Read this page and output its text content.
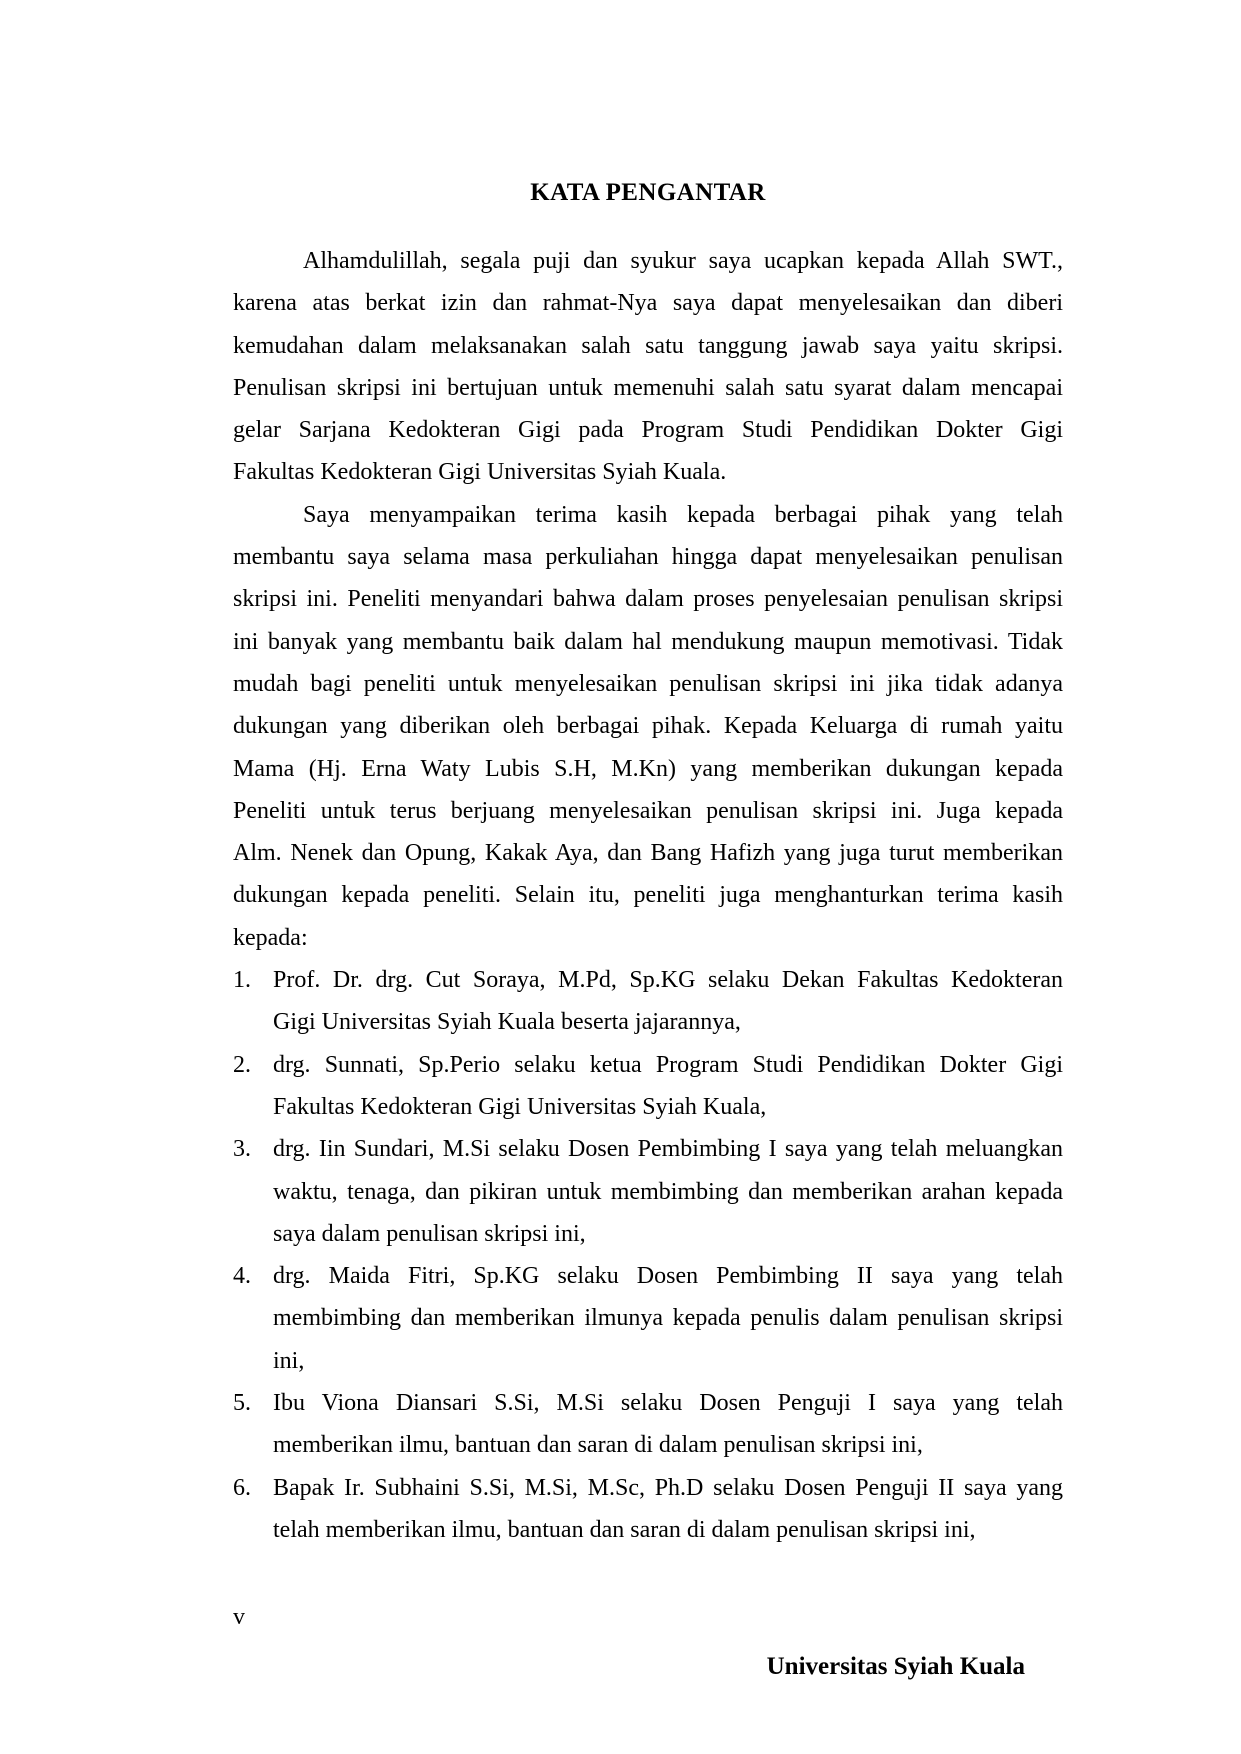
KATA PENGANTAR
Alhamdulillah, segala puji dan syukur saya ucapkan kepada Allah SWT.,
karena atas berkat izin dan rahmat-Nya saya dapat menyelesaikan dan diberi
kemudahan dalam melaksanakan salah satu tanggung jawab saya yaitu skripsi.
Penulisan skripsi ini bertujuan untuk memenuhi salah satu syarat dalam mencapai
gelar Sarjana Kedokteran Gigi pada Program Studi Pendidikan Dokter Gigi
Fakultas Kedokteran Gigi Universitas Syiah Kuala.
Saya menyampaikan terima kasih kepada berbagai pihak yang telah
membantu saya selama masa perkuliahan hingga dapat menyelesaikan penulisan
skripsi ini. Peneliti menyandari bahwa dalam proses penyelesaian penulisan skripsi
ini banyak yang membantu baik dalam hal mendukung maupun memotivasi. Tidak
mudah bagi peneliti untuk menyelesaikan penulisan skripsi ini jika tidak adanya
dukungan yang diberikan oleh berbagai pihak. Kepada Keluarga di rumah yaitu
Mama (Hj. Erna Waty Lubis S.H, M.Kn) yang memberikan dukungan kepada
Peneliti untuk terus berjuang menyelesaikan penulisan skripsi ini. Juga kepada
Alm. Nenek dan Opung, Kakak Aya, dan Bang Hafizh yang juga turut memberikan
dukungan kepada peneliti. Selain itu, peneliti juga menghanturkan terima kasih
kepada:
1. Prof. Dr. drg. Cut Soraya, M.Pd, Sp.KG selaku Dekan Fakultas Kedokteran
Gigi Universitas Syiah Kuala beserta jajarannya,
2. drg. Sunnati, Sp.Perio selaku ketua Program Studi Pendidikan Dokter Gigi
Fakultas Kedokteran Gigi Universitas Syiah Kuala,
3. drg. Iin Sundari, M.Si selaku Dosen Pembimbing I saya yang telah meluangkan
waktu, tenaga, dan pikiran untuk membimbing dan memberikan arahan kepada
saya dalam penulisan skripsi ini,
4. drg. Maida Fitri, Sp.KG selaku Dosen Pembimbing II saya yang telah
membimbing dan memberikan ilmunya kepada penulis dalam penulisan skripsi
ini,
5. Ibu Viona Diansari S.Si, M.Si selaku Dosen Penguji I saya yang telah
memberikan ilmu, bantuan dan saran di dalam penulisan skripsi ini,
6. Bapak Ir. Subhaini S.Si, M.Si, M.Sc, Ph.D selaku Dosen Penguji II saya yang
telah memberikan ilmu, bantuan dan saran di dalam penulisan skripsi ini,
v
Universitas Syiah Kuala
